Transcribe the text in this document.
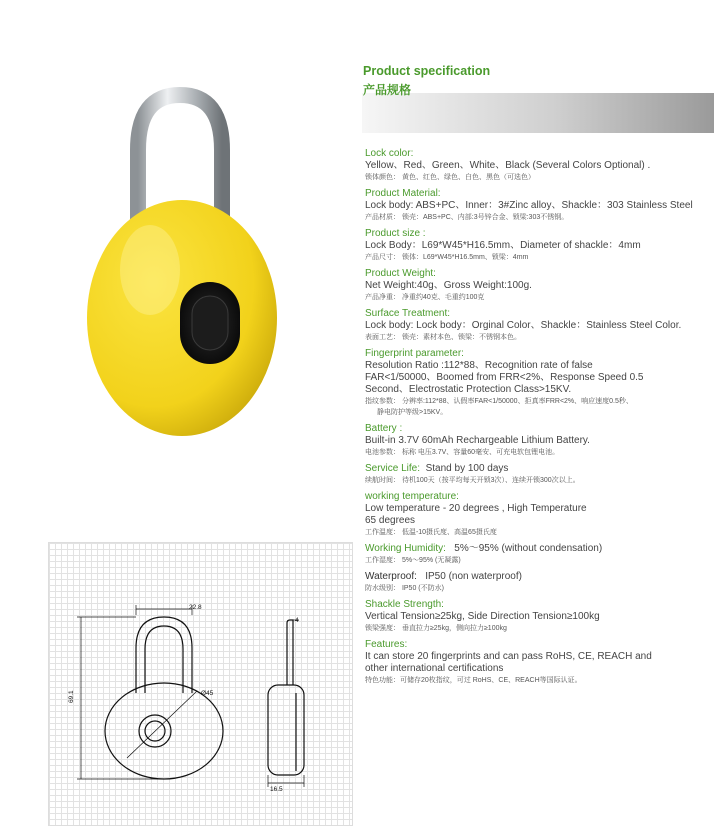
Product specification
产品规格
Lock color:
Yellow、Red、Green、White、Black (Several Colors Optional) .
锁体颜色： 黄色、红色、绿色、白色、黑色（可选色）
Product Material:
Lock body: ABS+PC、Inner：3#Zinc alloy、Shackle：303 Stainless Steel
产品材质： 锁壳：ABS+PC、内部:3号锌合金、锁梁:303不锈钢。
Product size :
Lock Body：L69*W45*H16.5mm、Diameter of shackle：4mm
产品尺寸： 锁体：L69*W45*H16.5mm、锁梁：4mm
Product Weight:
Net Weight:40g、Gross Weight:100g.
产品净重： 净重约40克、毛重约100克
Surface Treatment:
Lock body: Lock body：Orginal Color、Shackle：Stainless Steel Color.
表面工艺： 锁壳：素材本色、锁梁：不锈钢本色。
Fingerprint parameter:
Resolution Ratio :112*88、Recognition rate of false
FAR<1/50000、Boomed from FRR<2%、Response Speed 0.5
Second、Electrostatic Protection Class>15KV.
指纹参数： 分辨率:112*88、认假率FAR<1/50000、拒真率FRR<2%、响应速度0.5秒、
静电防护等级>15KV。
Battery :
Built-in 3.7V 60mAh Rechargeable Lithium Battery.
电池参数： 标称 电压3.7V、容量60毫安、可充电软包锂电池。
Service Life: Stand by 100 days
续航时间： 待机100天（按平均每天开锁3次）、连续开锁300次以上。
working temperature:
Low temperature - 20 degrees , High Temperature
65 degrees
工作温度： 低温-10摄氏度、高温65摄氏度
Working Humidity: 5%～95% (without condensation)
工作湿度： 5%～95% (无凝露)
Waterproof: IP50 (non waterproof)
防水级别： IP50 (不防水)
Shackle Strength:
Vertical Tension≥25kg, Side Direction Tension≥100kg
锁梁强度： 垂直拉力≥25kg，侧向拉力≥100kg
Features:
It can store 20 fingerprints and can pass RoHS, CE, REACH and
other international certifications
特色功能：可储存20枚指纹，可过 RoHS、CE、REACH等国际认证。
22.8
69.1	Ø45
4
16.5
